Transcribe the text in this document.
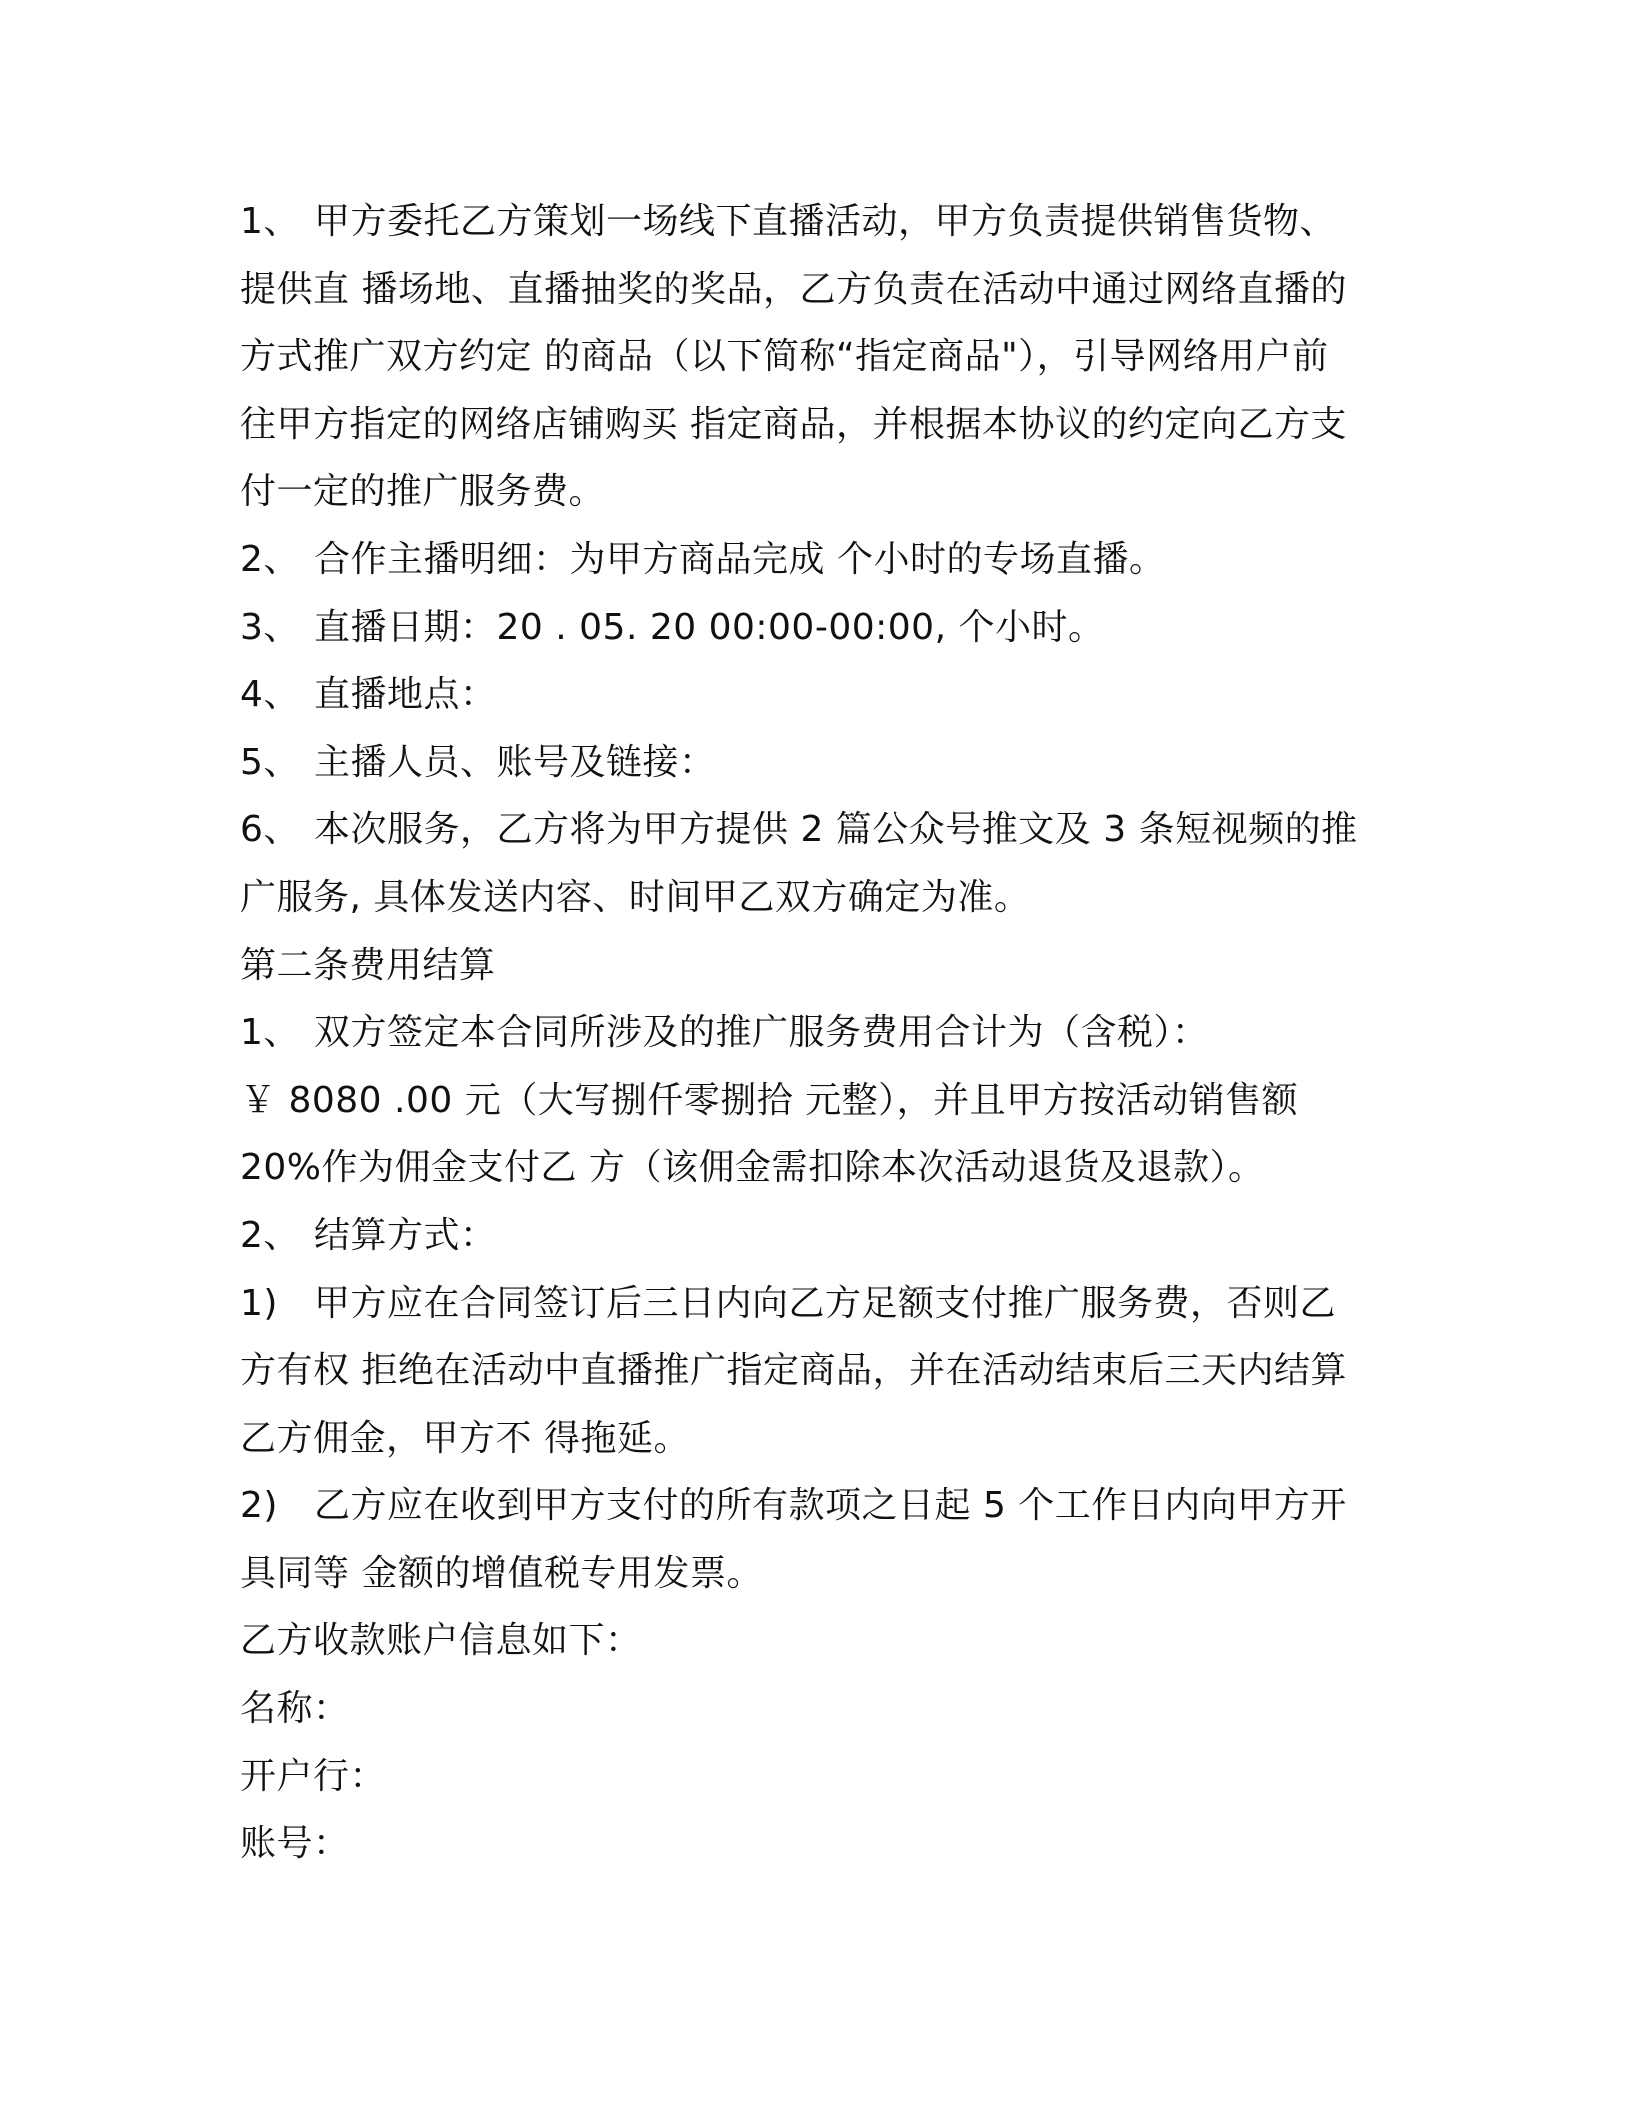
1、 甲方委托乙方策划一场线下直播活动，甲方负责提供销售货物、
提供直 播场地、直播抽奖的奖品，乙方负责在活动中通过网络直播的
方式推广双方约定 的商品（以下简称“指定商品"），引导网络用户前
往甲方指定的网络店铺购买 指定商品，并根据本协议的约定向乙方支
付一定的推广服务费。
2、 合作主播明细：为甲方商品完成 个小时的专场直播。
3、 直播日期：20 . 05. 20 00:00-00:00, 个小时。
4、 直播地点：
5、 主播人员、账号及链接：
6、 本次服务，乙方将为甲方提供 2 篇公众号推文及 3 条短视频的推
广服务, 具体发送内容、时间甲乙双方确定为准。
第二条费用结算
1、 双方签定本合同所涉及的推广服务费用合计为（含税）：
￥ 8080 .00 元（大写捌仟零捌拾 元整），并且甲方按活动销售额
20%作为佣金支付乙 方（该佣金需扣除本次活动退货及退款）。
2、 结算方式：
1) 甲方应在合同签订后三日内向乙方足额支付推广服务费，否则乙
方有权 拒绝在活动中直播推广指定商品，并在活动结束后三天内结算
乙方佣金，甲方不 得拖延。
2) 乙方应在收到甲方支付的所有款项之日起 5 个工作日内向甲方开
具同等 金额的增值税专用发票。
乙方收款账户信息如下：
名称：
开户行：
账号：
